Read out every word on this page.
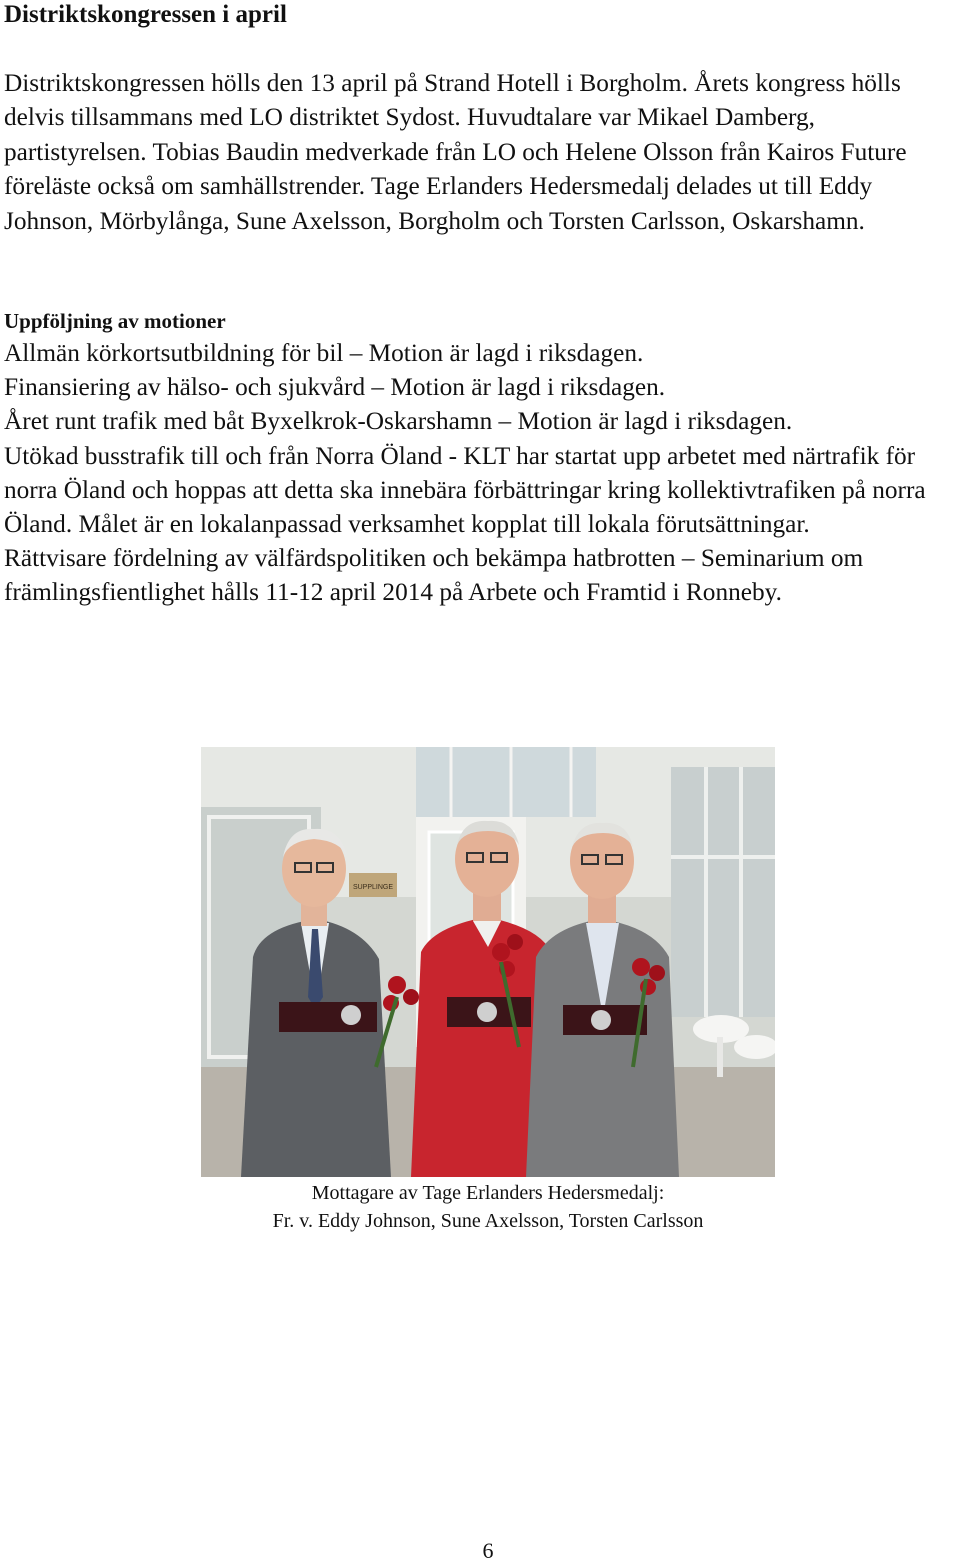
Distriktskongressen i april

Distriktskongressen hölls den 13 april på Strand Hotell i Borgholm. Årets kongress hölls delvis tillsammans med LO distriktet Sydost. Huvudtalare var Mikael Damberg, partistyrelsen. Tobias Baudin medverkade från LO och Helene Olsson från Kairos Future föreläste också om samhällstrender. Tage Erlanders Hedersmedalj delades ut till Eddy Johnson, Mörbylånga, Sune Axelsson, Borgholm och Torsten Carlsson, Oskarshamn.

Uppföljning av motioner
Allmän körkortsutbildning för bil – Motion är lagd i riksdagen.
Finansiering av hälso- och sjukvård – Motion är lagd i riksdagen.
Året runt trafik med båt Byxelkrok-Oskarshamn – Motion är lagd i riksdagen.
Utökad busstrafik till och från Norra Öland - KLT har startat upp arbetet med närtrafik för norra Öland och hoppas att detta ska innebära förbättringar kring kollektivtrafiken på norra Öland. Målet är en lokalanpassad verksamhet kopplat till lokala förutsättningar.
Rättvisare fördelning av välfärdspolitiken och bekämpa hatbrotten – Seminarium om främlingsfientlighet hålls 11-12 april 2014 på Arbete och Framtid i Ronneby.
SUPPLINGE

Mottagare av Tage Erlanders Hedersmedalj:
Fr. v. Eddy Johnson, Sune Axelsson, Torsten Carlsson

6
